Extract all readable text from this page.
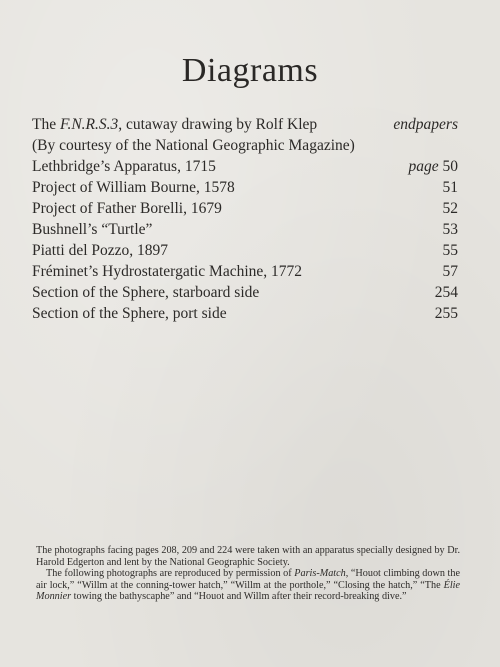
Diagrams
The F.N.R.S.3, cutaway drawing by Rolf Klep	endpapers
(By courtesy of the National Geographic Magazine)
Lethbridge’s Apparatus, 1715	page 50
Project of William Bourne, 1578	51
Project of Father Borelli, 1679	52
Bushnell’s “Turtle”	53
Piatti del Pozzo, 1897	55
Fréminet’s Hydrostatergatic Machine, 1772	57
Section of the Sphere, starboard side	254
Section of the Sphere, port side	255

The photographs facing pages 208, 209 and 224 were taken with an apparatus specially designed by Dr. Harold Edgerton and lent by the National Geographic Society.

The following photographs are reproduced by permission of Paris-Match, “Houot climbing down the air lock,” “Willm at the conning-tower hatch,” “Willm at the porthole,” “Closing the hatch,” “The Élie Monnier towing the bathyscaphe” and “Houot and Willm after their record-breaking dive.”
